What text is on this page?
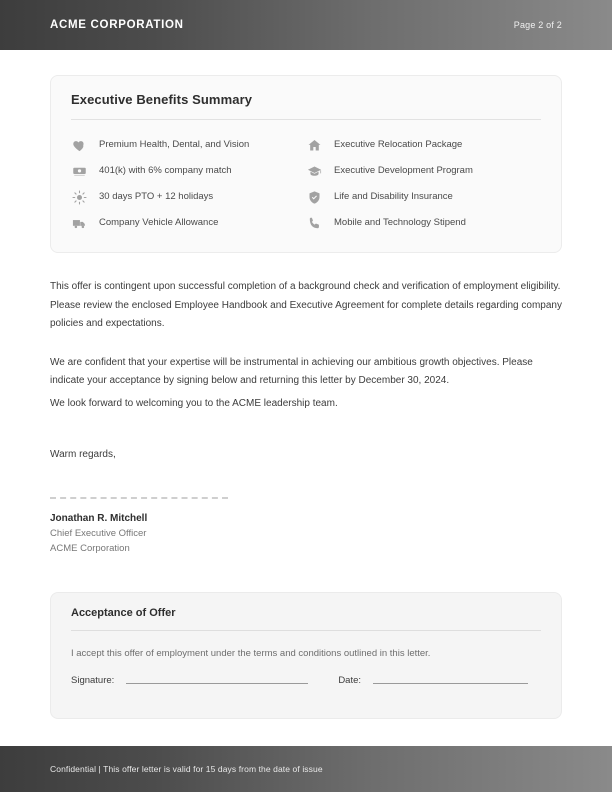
ACME CORPORATION	Page 2 of 2
Executive Benefits Summary
Premium Health, Dental, and Vision	Executive Relocation Package
401(k) with 6% company match	Executive Development Program
30 days PTO + 12 holidays	Life and Disability Insurance
Company Vehicle Allowance	Mobile and Technology Stipend

This offer is contingent upon successful completion of a background check and verification of employment eligibility. Please review the enclosed Employee Handbook and Executive Agreement for complete details regarding company policies and expectations.

We are confident that your expertise will be instrumental in achieving our ambitious growth objectives. Please indicate your acceptance by signing below and returning this letter by December 30, 2024.

We look forward to welcoming you to the ACME leadership team.

Warm regards,
Jonathan R. Mitchell
Chief Executive Officer
ACME Corporation
Acceptance of Offer
I accept this offer of employment under the terms and conditions outlined in this letter.
Signature:	Date:
Confidential | This offer letter is valid for 15 days from the date of issue
